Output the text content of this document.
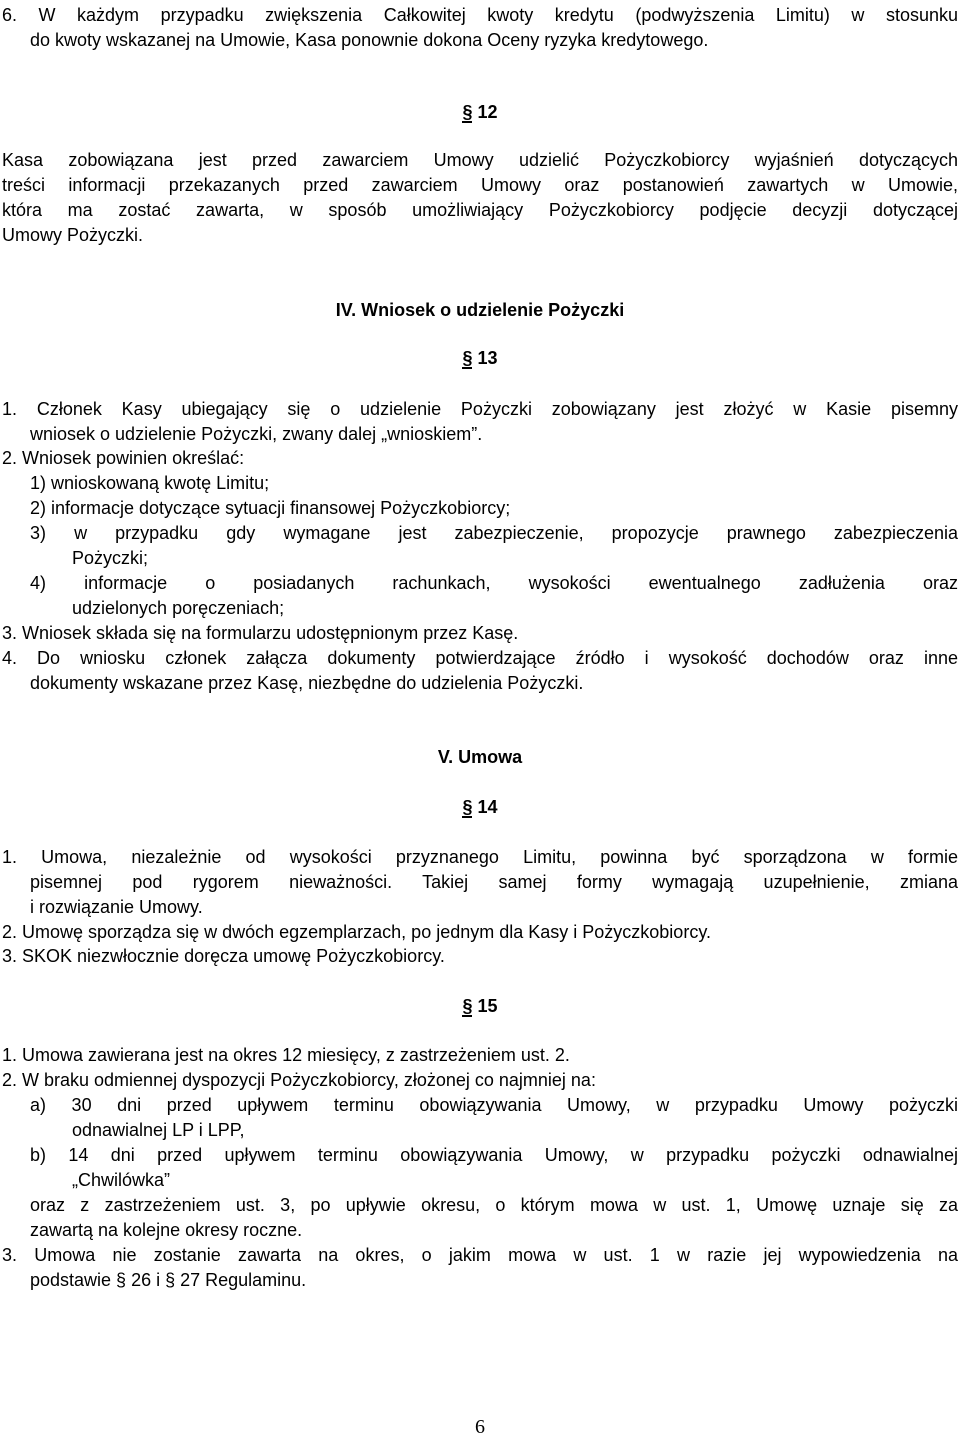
6. W każdym przypadku zwiększenia Całkowitej kwoty kredytu (podwyższenia Limitu) w stosunku
do kwoty wskazanej na Umowie, Kasa ponownie dokona Oceny ryzyka kredytowego.
§ 12
Kasa zobowiązana jest przed zawarciem Umowy udzielić Pożyczkobiorcy wyjaśnień dotyczących
treści informacji przekazanych przed zawarciem Umowy oraz postanowień zawartych w Umowie,
która ma zostać zawarta, w sposób umożliwiający Pożyczkobiorcy podjęcie decyzji dotyczącej
Umowy Pożyczki.
IV. Wniosek o udzielenie Pożyczki
§ 13
1. Członek Kasy ubiegający się o udzielenie Pożyczki zobowiązany jest złożyć w Kasie pisemny
wniosek o udzielenie Pożyczki, zwany dalej „wnioskiem”.
2. Wniosek powinien określać:
1) wnioskowaną kwotę Limitu;
2) informacje dotyczące sytuacji finansowej Pożyczkobiorcy;
3) w przypadku gdy wymagane jest zabezpieczenie, propozycje prawnego zabezpieczenia
Pożyczki;
4) informacje o posiadanych rachunkach, wysokości ewentualnego zadłużenia oraz
udzielonych poręczeniach;
3. Wniosek składa się na formularzu udostępnionym przez Kasę.
4. Do wniosku członek załącza dokumenty potwierdzające źródło i wysokość dochodów oraz inne
dokumenty wskazane przez Kasę, niezbędne do udzielenia Pożyczki.
V. Umowa
§ 14
1. Umowa, niezależnie od wysokości przyznanego Limitu, powinna być sporządzona w formie
pisemnej pod rygorem nieważności. Takiej samej formy wymagają uzupełnienie, zmiana
i rozwiązanie Umowy.
2. Umowę sporządza się w dwóch egzemplarzach, po jednym dla Kasy i Pożyczkobiorcy.
3. SKOK niezwłocznie doręcza umowę Pożyczkobiorcy.
§ 15
1. Umowa zawierana jest na okres 12 miesięcy, z zastrzeżeniem ust. 2.
2. W braku odmiennej dyspozycji Pożyczkobiorcy, złożonej co najmniej na:
a) 30 dni przed upływem terminu obowiązywania Umowy, w przypadku Umowy pożyczki
odnawialnej LP i LPP,
b) 14 dni przed upływem terminu obowiązywania Umowy, w przypadku pożyczki odnawialnej
„Chwilówka”
oraz z zastrzeżeniem ust. 3, po upływie okresu, o którym mowa w ust. 1, Umowę uznaje się za
zawartą na kolejne okresy roczne.
3. Umowa nie zostanie zawarta na okres, o jakim mowa w ust. 1 w razie jej wypowiedzenia na
podstawie § 26 i § 27 Regulaminu.
6
